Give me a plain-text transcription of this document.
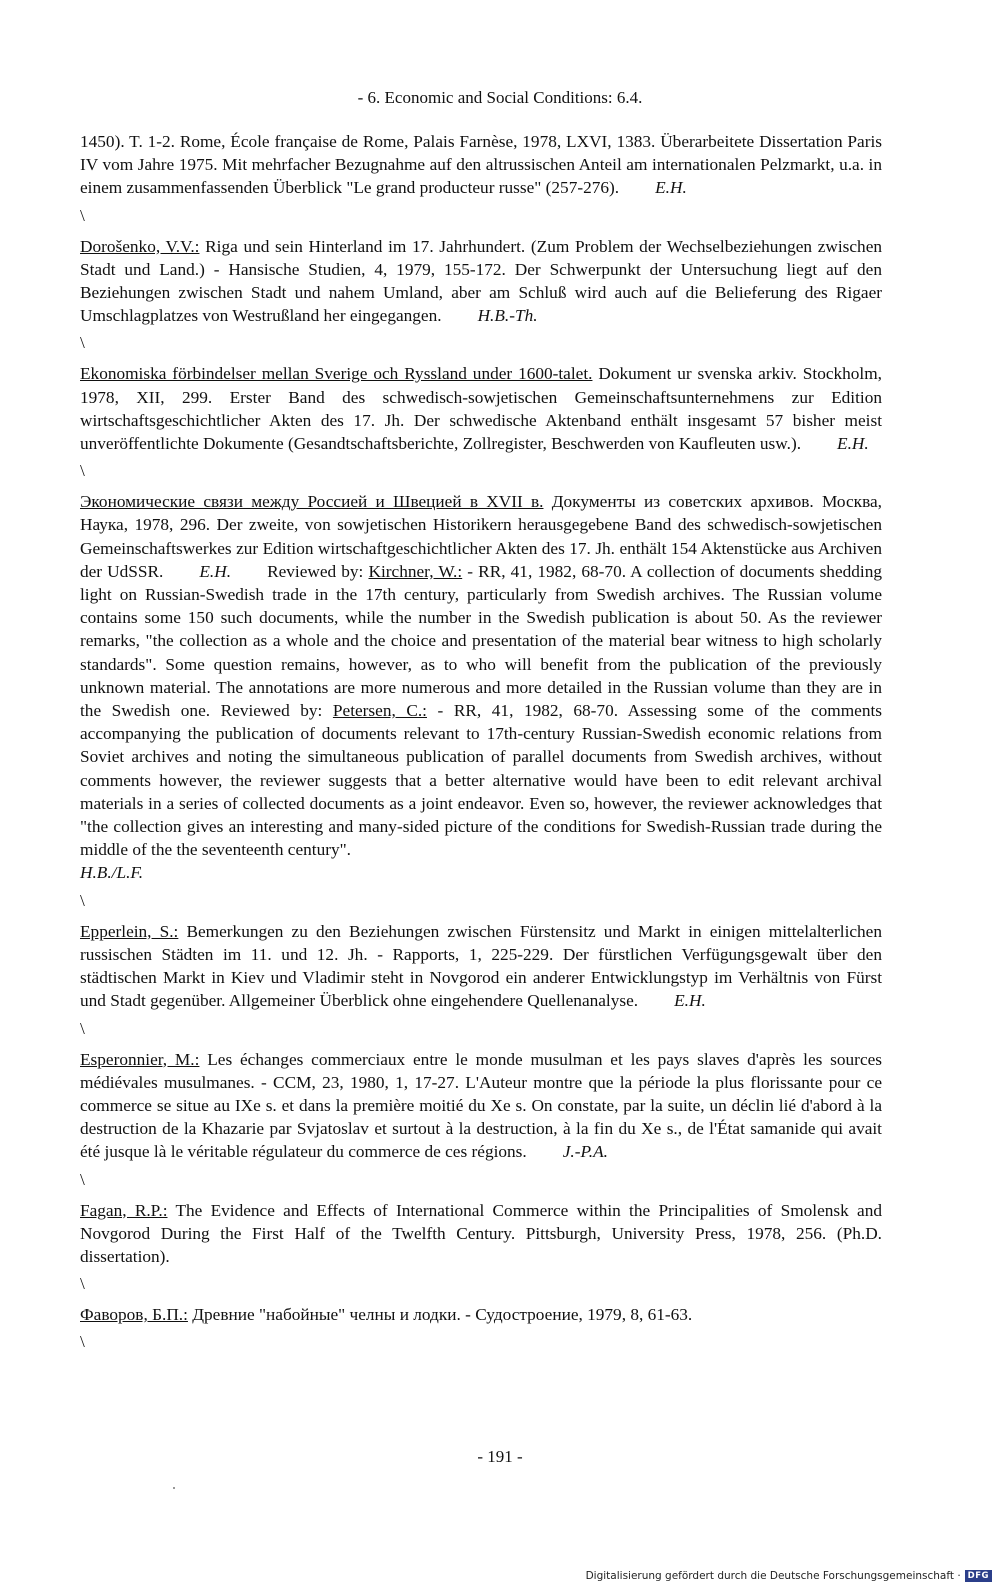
- 6. Economic and Social Conditions: 6.4.

1450). T. 1-2. Rome, École française de Rome, Palais Farnèse, 1978, LXVI, 1383. Überarbeitete Dissertation Paris IV vom Jahre 1975. Mit mehrfacher Bezugnahme auf den altrussischen Anteil am internationalen Pelzmarkt, u.a. in einem zusammenfassenden Überblick "Le grand producteur russe" (257-276). E.H.

\

Dorošenko, V.V.: Riga und sein Hinterland im 17. Jahrhundert. (Zum Problem der Wechselbeziehungen zwischen Stadt und Land.) - Hansische Studien, 4, 1979, 155-172. Der Schwerpunkt der Untersuchung liegt auf den Beziehungen zwischen Stadt und nahem Umland, aber am Schluß wird auch auf die Belieferung des Rigaer Umschlagplatzes von Westrußland her eingegangen. H.B.-Th.

\

Ekonomiska förbindelser mellan Sverige och Ryssland under 1600-talet. Dokument ur svenska arkiv. Stockholm, 1978, XII, 299. Erster Band des schwedisch-sowjetischen Gemeinschaftsunternehmens zur Edition wirtschaftsgeschichtlicher Akten des 17. Jh. Der schwedische Aktenband enthält insgesamt 57 bisher meist unveröffentlichte Dokumente (Gesandtschaftsberichte, Zollregister, Beschwerden von Kaufleuten usw.). E.H.

\

Экономические связи между Россией и Швецией в XVII в. Документы из советских архивов. Москва, Наука, 1978, 296. Der zweite, von sowjetischen Historikern herausgegebene Band des schwedisch-sowjetischen Gemeinschaftswerkes zur Edition wirtschaftgeschichtlicher Akten des 17. Jh. enthält 154 Aktenstücke aus Archiven der UdSSR. E.H. Reviewed by: Kirchner, W.: - RR, 41, 1982, 68-70. A collection of documents shedding light on Russian-Swedish trade in the 17th century, particularly from Swedish archives. The Russian volume contains some 150 such documents, while the number in the Swedish publication is about 50. As the reviewer remarks, "the collection as a whole and the choice and presentation of the material bear witness to high scholarly standards". Some question remains, however, as to who will benefit from the publication of the previously unknown material. The annotations are more numerous and more detailed in the Russian volume than they are in the Swedish one. Reviewed by: Petersen, C.: - RR, 41, 1982, 68-70. Assessing some of the comments accompanying the publication of documents relevant to 17th-century Russian-Swedish economic relations from Soviet archives and noting the simultaneous publication of parallel documents from Swedish archives, without comments however, the reviewer suggests that a better alternative would have been to edit relevant archival materials in a series of collected documents as a joint endeavor. Even so, however, the reviewer acknowledges that "the collection gives an interesting and many-sided picture of the conditions for Swedish-Russian trade during the middle of the the seventeenth century".
H.B./L.F.

\

Epperlein, S.: Bemerkungen zu den Beziehungen zwischen Fürstensitz und Markt in einigen mittelalterlichen russischen Städten im 11. und 12. Jh. - Rapports, 1, 225-229. Der fürstlichen Verfügungsgewalt über den städtischen Markt in Kiev und Vladimir steht in Novgorod ein anderer Entwicklungstyp im Verhältnis von Fürst und Stadt gegenüber. Allgemeiner Überblick ohne eingehendere Quellenanalyse. E.H.

\

Esperonnier, M.: Les échanges commerciaux entre le monde musulman et les pays slaves d'après les sources médiévales musulmanes. - CCM, 23, 1980, 1, 17-27. L'Auteur montre que la période la plus florissante pour ce commerce se situe au IXe s. et dans la première moitié du Xe s. On constate, par la suite, un déclin lié d'abord à la destruction de la Khazarie par Svjatoslav et surtout à la destruction, à la fin du Xe s., de l'État samanide qui avait été jusque là le véritable régulateur du commerce de ces régions. J.-P.A.

\

Fagan, R.P.: The Evidence and Effects of International Commerce within the Principalities of Smolensk and Novgorod During the First Half of the Twelfth Century. Pittsburgh, University Press, 1978, 256. (Ph.D. dissertation).

\

Фаворов, Б.П.: Древние "набойные" челны и лодки. - Судостроение, 1979, 8, 61-63.

\
- 191 -
Digitalisierung gefördert durch die Deutsche Forschungsgemeinschaft · DFG
